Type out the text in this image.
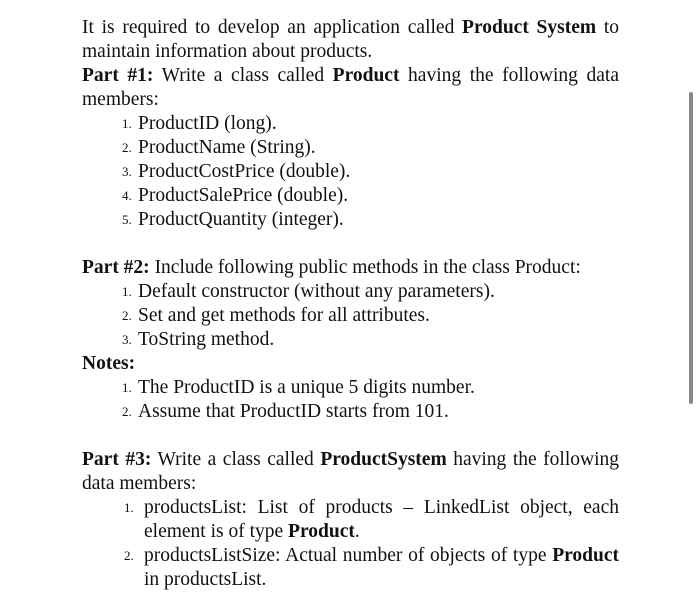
It is required to develop an application called Product System to maintain information about products.

Part #1: Write a class called Product having the following data members:

1. ProductID (long).
2. ProductName (String).
3. ProductCostPrice (double).
4. ProductSalePrice (double).
5. ProductQuantity (integer).

Part #2: Include following public methods in the class Product:

1. Default constructor (without any parameters).
2. Set and get methods for all attributes.
3. ToString method.

Notes:

1. The ProductID is a unique 5 digits number.
2. Assume that ProductID starts from 101.

Part #3: Write a class called ProductSystem having the following data members:

1. productsList: List of products – LinkedList object, each element is of type Product.
2. productsListSize: Actual number of objects of type Product in productsList.
